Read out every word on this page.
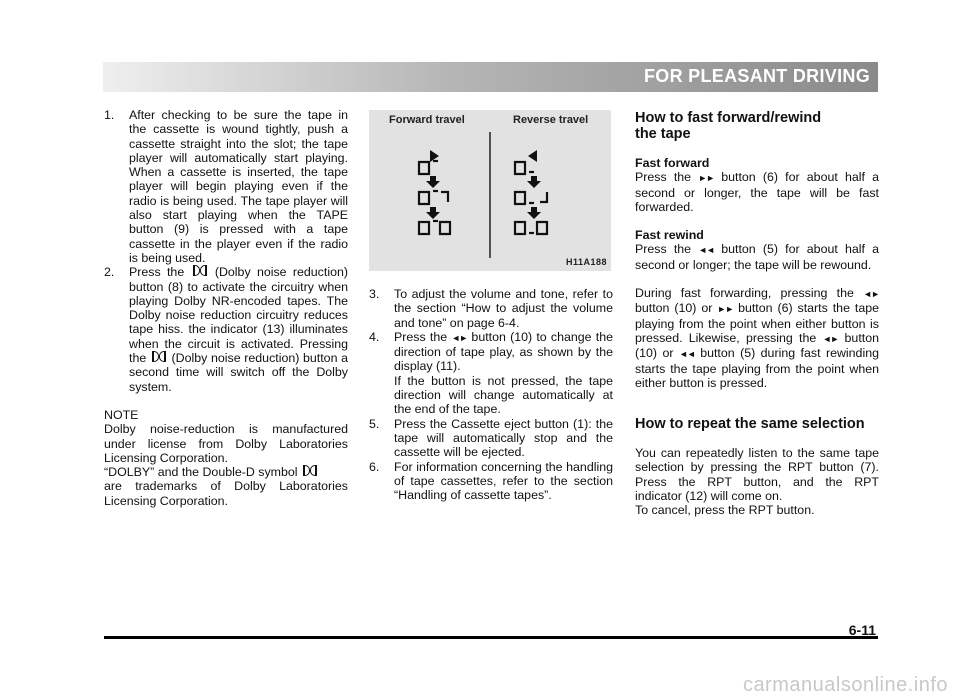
FOR PLEASANT DRIVING
1. After checking to be sure the tape in the cassette is wound tightly, push a cassette straight into the slot; the tape player will automatically start playing. When a cassette is inserted, the tape player will begin playing even if the radio is being used. The tape player will also start playing when the TAPE button (9) is pressed with a tape cassette in the player even if the radio is being used.
2. Press the (Dolby noise reduction) button (8) to activate the circuitry when playing Dolby NR-encoded tapes. The Dolby noise reduction circuitry reduces tape hiss. the indicator (13) illuminates when the circuit is activated. Pressing the (Dolby noise reduction) button a second time will switch off the Dolby system.

NOTE

Dolby noise-reduction is manufactured under license from Dolby Laboratories Licensing Corporation.

“DOLBY” and the Double-D symbol

are trademarks of Dolby Laboratories Licensing Corporation.

Forward travel	Reverse travel
H11A188
3. To adjust the volume and tone, refer to the section “How to adjust the volume and tone” on page 6-4.
4. Press the ◄► button (10) to change the direction of tape play, as shown by the display (11).
If the button is not pressed, the tape direction will change automatically at the end of the tape.
5. Press the Cassette eject button (1): the tape will automatically stop and the cassette will be ejected.
6. For information concerning the handling of tape cassettes, refer to the section “Handling of cassette tapes”.

How to fast forward/rewind
the tape

Fast forward

Press the ►► button (6) for about half a second or longer, the tape will be fast forwarded.

Fast rewind

Press the ◄◄ button (5) for about half a second or longer; the tape will be rewound.

During fast forwarding, pressing the ◄► button (10) or ►► button (6) starts the tape playing from the point when either button is pressed. Likewise, pressing the ◄► button (10) or ◄◄ button (5) during fast rewinding starts the tape playing from the point when either button is pressed.

How to repeat the same selection

You can repeatedly listen to the same tape selection by pressing the RPT button (7). Press the RPT button, and the RPT indicator (12) will come on.

To cancel, press the RPT button.

6-11
carmanualsonline.info
